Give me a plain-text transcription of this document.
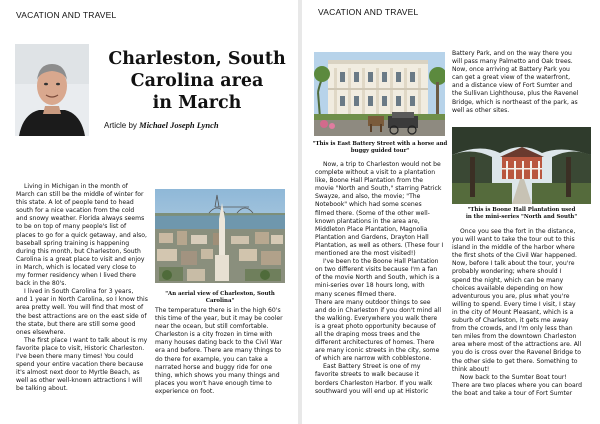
VACATION AND TRAVEL
Charleston, South
Carolina area
in March
Article by Michael Joseph Lynch

Living in Michigan in the month of

March can still be the middle of winter for

this state. A lot of people tend to head

south for a nice vacation from the cold

and snowy weather. Florida always seems

to be on top of many people's list of

places to go for a quick getaway, and also,

baseball spring training is happening

during this month, but Charleston, South

Carolina is a great place to visit and enjoy

in March, which is located very close to

my former residency when I lived there

back in the 80's.

I lived in South Carolina for 3 years,

and 1 year in North Carolina, so I know this

area pretty well. You will find that most of

the best attractions are on the east side of

the state, but there are still some good

ones elsewhere.

The first place I want to talk about is my

favorite place to visit, Historic Charleston.

I've been there many times! You could

spend your entire vacation there because

it's almost next door to Myrtle Beach, as

well as other well-known attractions I will

be talking about.

"An aerial view of Charleston, South Carolina"

The temperature there is in the high 60's

this time of the year, but it may be cooler

near the ocean, but still comfortable.

Charleston is a city frozen in time with

many houses dating back to the Civil War

era and before. There are many things to

do there for example, you can take a

narrated horse and buggy ride for one

thing, which shows you many things and

places you won't have enough time to

experience on foot.

VACATION AND TRAVEL
"This is East Battery Street with a horse and
buggy guided tour"

Now, a trip to Charleston would not be

complete without a visit to a plantation

like, Boone Hall Plantation from the

movie "North and South," starring Patrick

Swayze, and also, the movie; "The

Notebook" which had some scenes

filmed there. (Some of the other well-

known plantations in the area are,

Middleton Place Plantation, Magnolia

Plantation and Gardens, Drayton Hall

Plantation, as well as others. (These four I

mentioned are the most visited!)

I've been to the Boone Hall Plantation

on two different visits because I'm a fan

of the movie North and South, which is a

mini-series over 18 hours long, with

many scenes filmed there.

There are many outdoor things to see

and do in Charleston if you don't mind all

the walking. Everywhere you walk there

is a great photo opportunity because of

all the draping moss trees and the

different architectures of homes. There

are many iconic streets in the city, some

of which are narrow with cobblestone.

East Battery Street is one of my

favorite streets to walk because it

borders Charleston Harbor. If you walk

southward you will end up at Historic

Battery Park, and on the way there you

will pass many Palmetto and Oak trees.

Now, once arriving at Battery Park you

can get a great view of the waterfront,

and a distance view of Fort Sumter and

the Sullivan Lighthouse, plus the Ravenel

Bridge, which is northeast of the park, as

well as other sites.

"This is Boone Hall Plantation used
in the mini-series "North and South"

Once you see the fort in the distance,

you will want to take the tour out to this

island in the middle of the harbor where

the first shots of the Civil War happened.

Now, before I talk about the tour, you're

probably wondering; where should I

spend the night, which can be many

choices available depending on how

adventurous you are, plus what you're

willing to spend. Every time I visit, I stay

in the city of Mount Pleasant, which is a

suburb of Charleston, it gets me away

from the crowds, and I'm only less than

ten miles from the downtown Charleston

area where most of the attractions are. All

you do is cross over the Ravenel Bridge to

the other side to get there. Something to

think about!

Now back to the Sumter Boat tour!

There are two places where you can board

the boat and take a tour of Fort Sumter
